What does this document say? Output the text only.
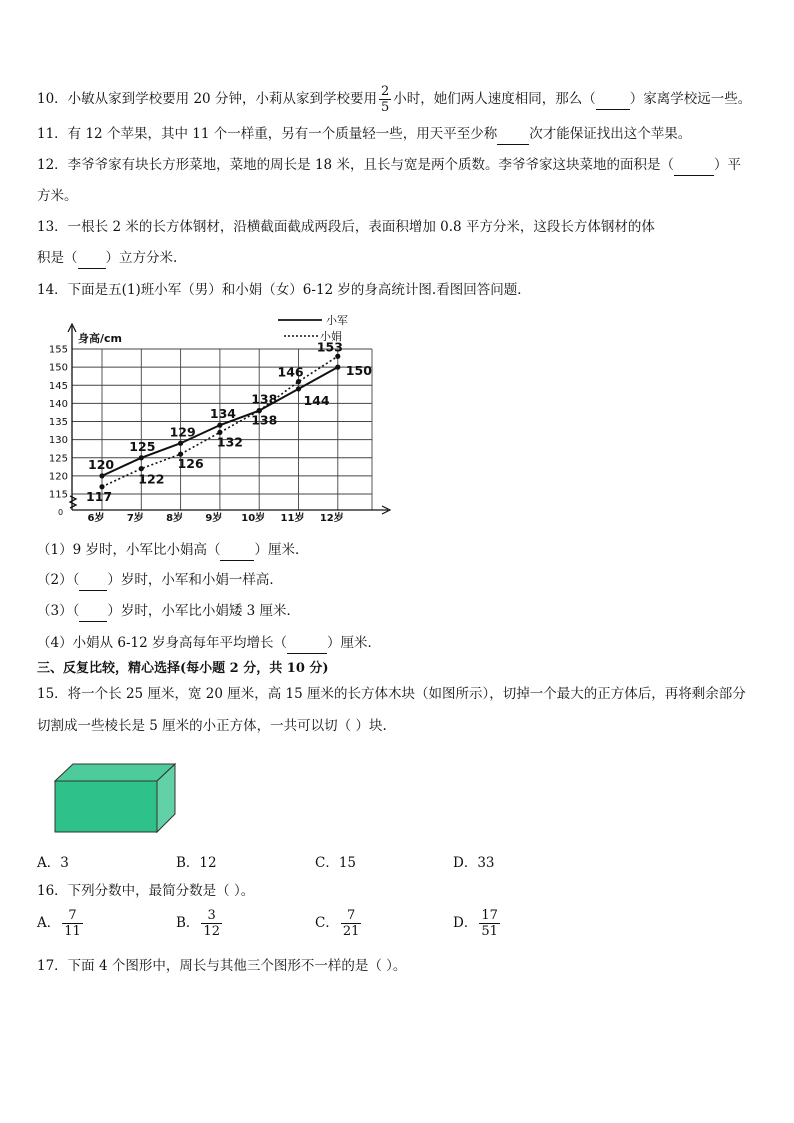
10．小敏从家到学校要用 20 分钟，小莉从家到学校要用 $\frac{2}{5}$ 小时，她们两人速度相同，那么（	）家离学校远一些。
11．有 12 个苹果，其中 11 个一样重，另有一个质量轻一些，用天平至少称 次才能保证找出这个苹果。
12．李爷爷家有块长方形菜地，菜地的周长是 18 米，且长与宽是两个质数。李爷爷家这块菜地的面积是（	）平
方米。
13．一根长 2 米的长方体钢材，沿横截面截成两段后，表面积增加 0.8 平方分米，这段长方体钢材的体
积是（ ）立方分米.
14．下面是五(1)班小军（男）和小娟（女）6-12 岁的身高统计图.看图回答问题．
身高/cm
0
115
120
125
130
135
140
145
150
155
6岁 7岁 8岁 9岁 10岁 11岁 12岁
120
125
129
134
138 144
150
117
122
126
132
138
146
153
小军
小娟
（1）9 岁时，小军比小娟高（	）厘米．
（2）（ ）岁时，小军和小娟一样高．
（3）（ ）岁时，小军比小娟矮 3 厘米．
（4）小娟从 6-12 岁身高每年平均增长（	）厘米．
三、反复比较，精心选择(每小题 2 分，共 10 分)
15．将一个长 25 厘米，宽 20 厘米，高 15 厘米的长方体木块（如图所示），切掉一个最大的正方体后，再将剩余部分
切割成一些棱长是 5 厘米的小正方体，一共可以切（ ）块.
A．3	B．12	C．15	D．33
16．下列分数中，最简分数是（ ）。
A． $\frac{7}{11}$	B． $\frac{3}{12}$	C． $\frac{7}{21}$	D． $\frac{17}{51}$
17．下面 4 个图形中，周长与其他三个图形不一样的是（ ）。
